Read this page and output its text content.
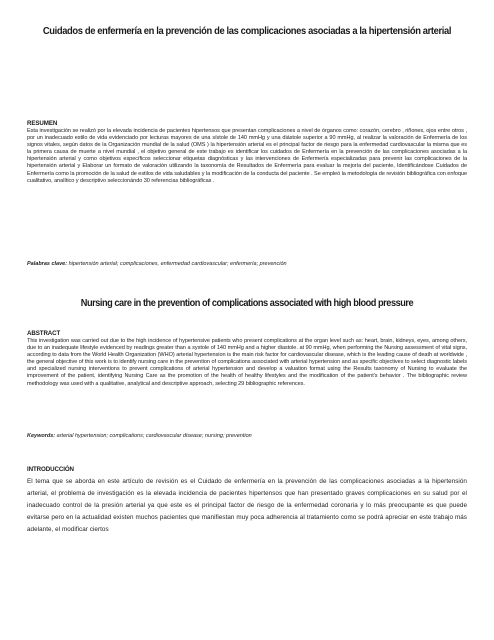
Cuidados de enfermería en la prevención de las complicaciones asociadas a la hipertensión arterial
RESUMEN
Esta investigación se realizó por la elevada incidencia de pacientes hipertensos que presentan complicaciones a nivel de órganos como: corazón, cerebro , riñones, ojos entre otros , por un inadecuado estilo de vida evidenciado por lecturas mayores de una sístole de 140 mmHg y una diástole superior a 90 mmHg, al realizar la valoración de Enfermería de los signos vitales, según datos de la Organización mundial de la salud (OMS ) la hipertensión arterial es el principal factor de riesgo para la enfermedad cardiovascular la misma que es la primera causa de muerte a nivel mundial , el objetivo general de este trabajo es identificar los cuidados de Enfermería en la prevención de las complicaciones asociadas a la hipertensión arterial y como objetivos específicos seleccionar etiquetas diagnósticas y las intervenciones de Enfermería especializadas para prevenir las complicaciones de la hipertensión arterial y Elaborar un formato de valoración utilizando la taxonomía de Resultados de Enfermería para evaluar la mejoría del paciente, Identificándose Cuidados de Enfermería como la promoción de la salud de estilos de vida saludables y la modificación de la conducta del paciente . Se empleó la metodología de revisión bibliográfica con enfoque cualitativo, analítico y descriptivo seleccionándo 30 referencias bibliográficas .
Palabras clave: hipertensión arterial; complicaciones, enfermedad cardiovascular; enfermería; prevención
Nursing care in the prevention of complications associated with high blood pressure
ABSTRACT
This investigation was carried out due to the high incidence of hypertensive patients who present complications at the organ level such as: heart, brain, kidneys, eyes, among others, due to an inadequate lifestyle evidenced by readings greater than a systole of 140 mmHg and a higher diastole. at 90 mmHg, when performing the Nursing assessment of vital signs, according to data from the World Health Organization (WHO) arterial hypertension is the main risk factor for cardiovascular disease, which is the leading cause of death at worldwide , the general objective of this work is to identify nursing care in the prevention of complications associated with arterial hypertension and as specific objectives to select diagnostic labels and specialized nursing interventions to prevent complications of arterial hypertension and develop a valuation format using the Results taxonomy of Nursing to evaluate the improvement of the patient, identifying Nursing Care as the promotion of the health of healthy lifestyles and the modification of the patient's behavior . The bibliographic review methodology was used with a qualitative, analytical and descriptive approach, selecting 29 bibliographic references.
Keywords: arterial hypertension; complications; cardiovascular disease; nursing; prevention
INTRODUCCIÓN
El tema que se aborda en este artículo de revisión es el Cuidado de enfermería en la prevención de las complicaciones asociadas a la hipertensión arterial, el problema de investigación es la elevada incidencia de pacientes hipertensos que han presentado graves complicaciones en su salud por el inadecuado control de la presión arterial ya que este es el principal factor de riesgo de la enfermedad coronaria y lo más preocupante es que puede evitarse pero en la actualidad existen muchos pacientes que manifiestan muy poca adherencia al tratamiento como se podrá apreciar en este trabajo más adelante, el modificar ciertos
